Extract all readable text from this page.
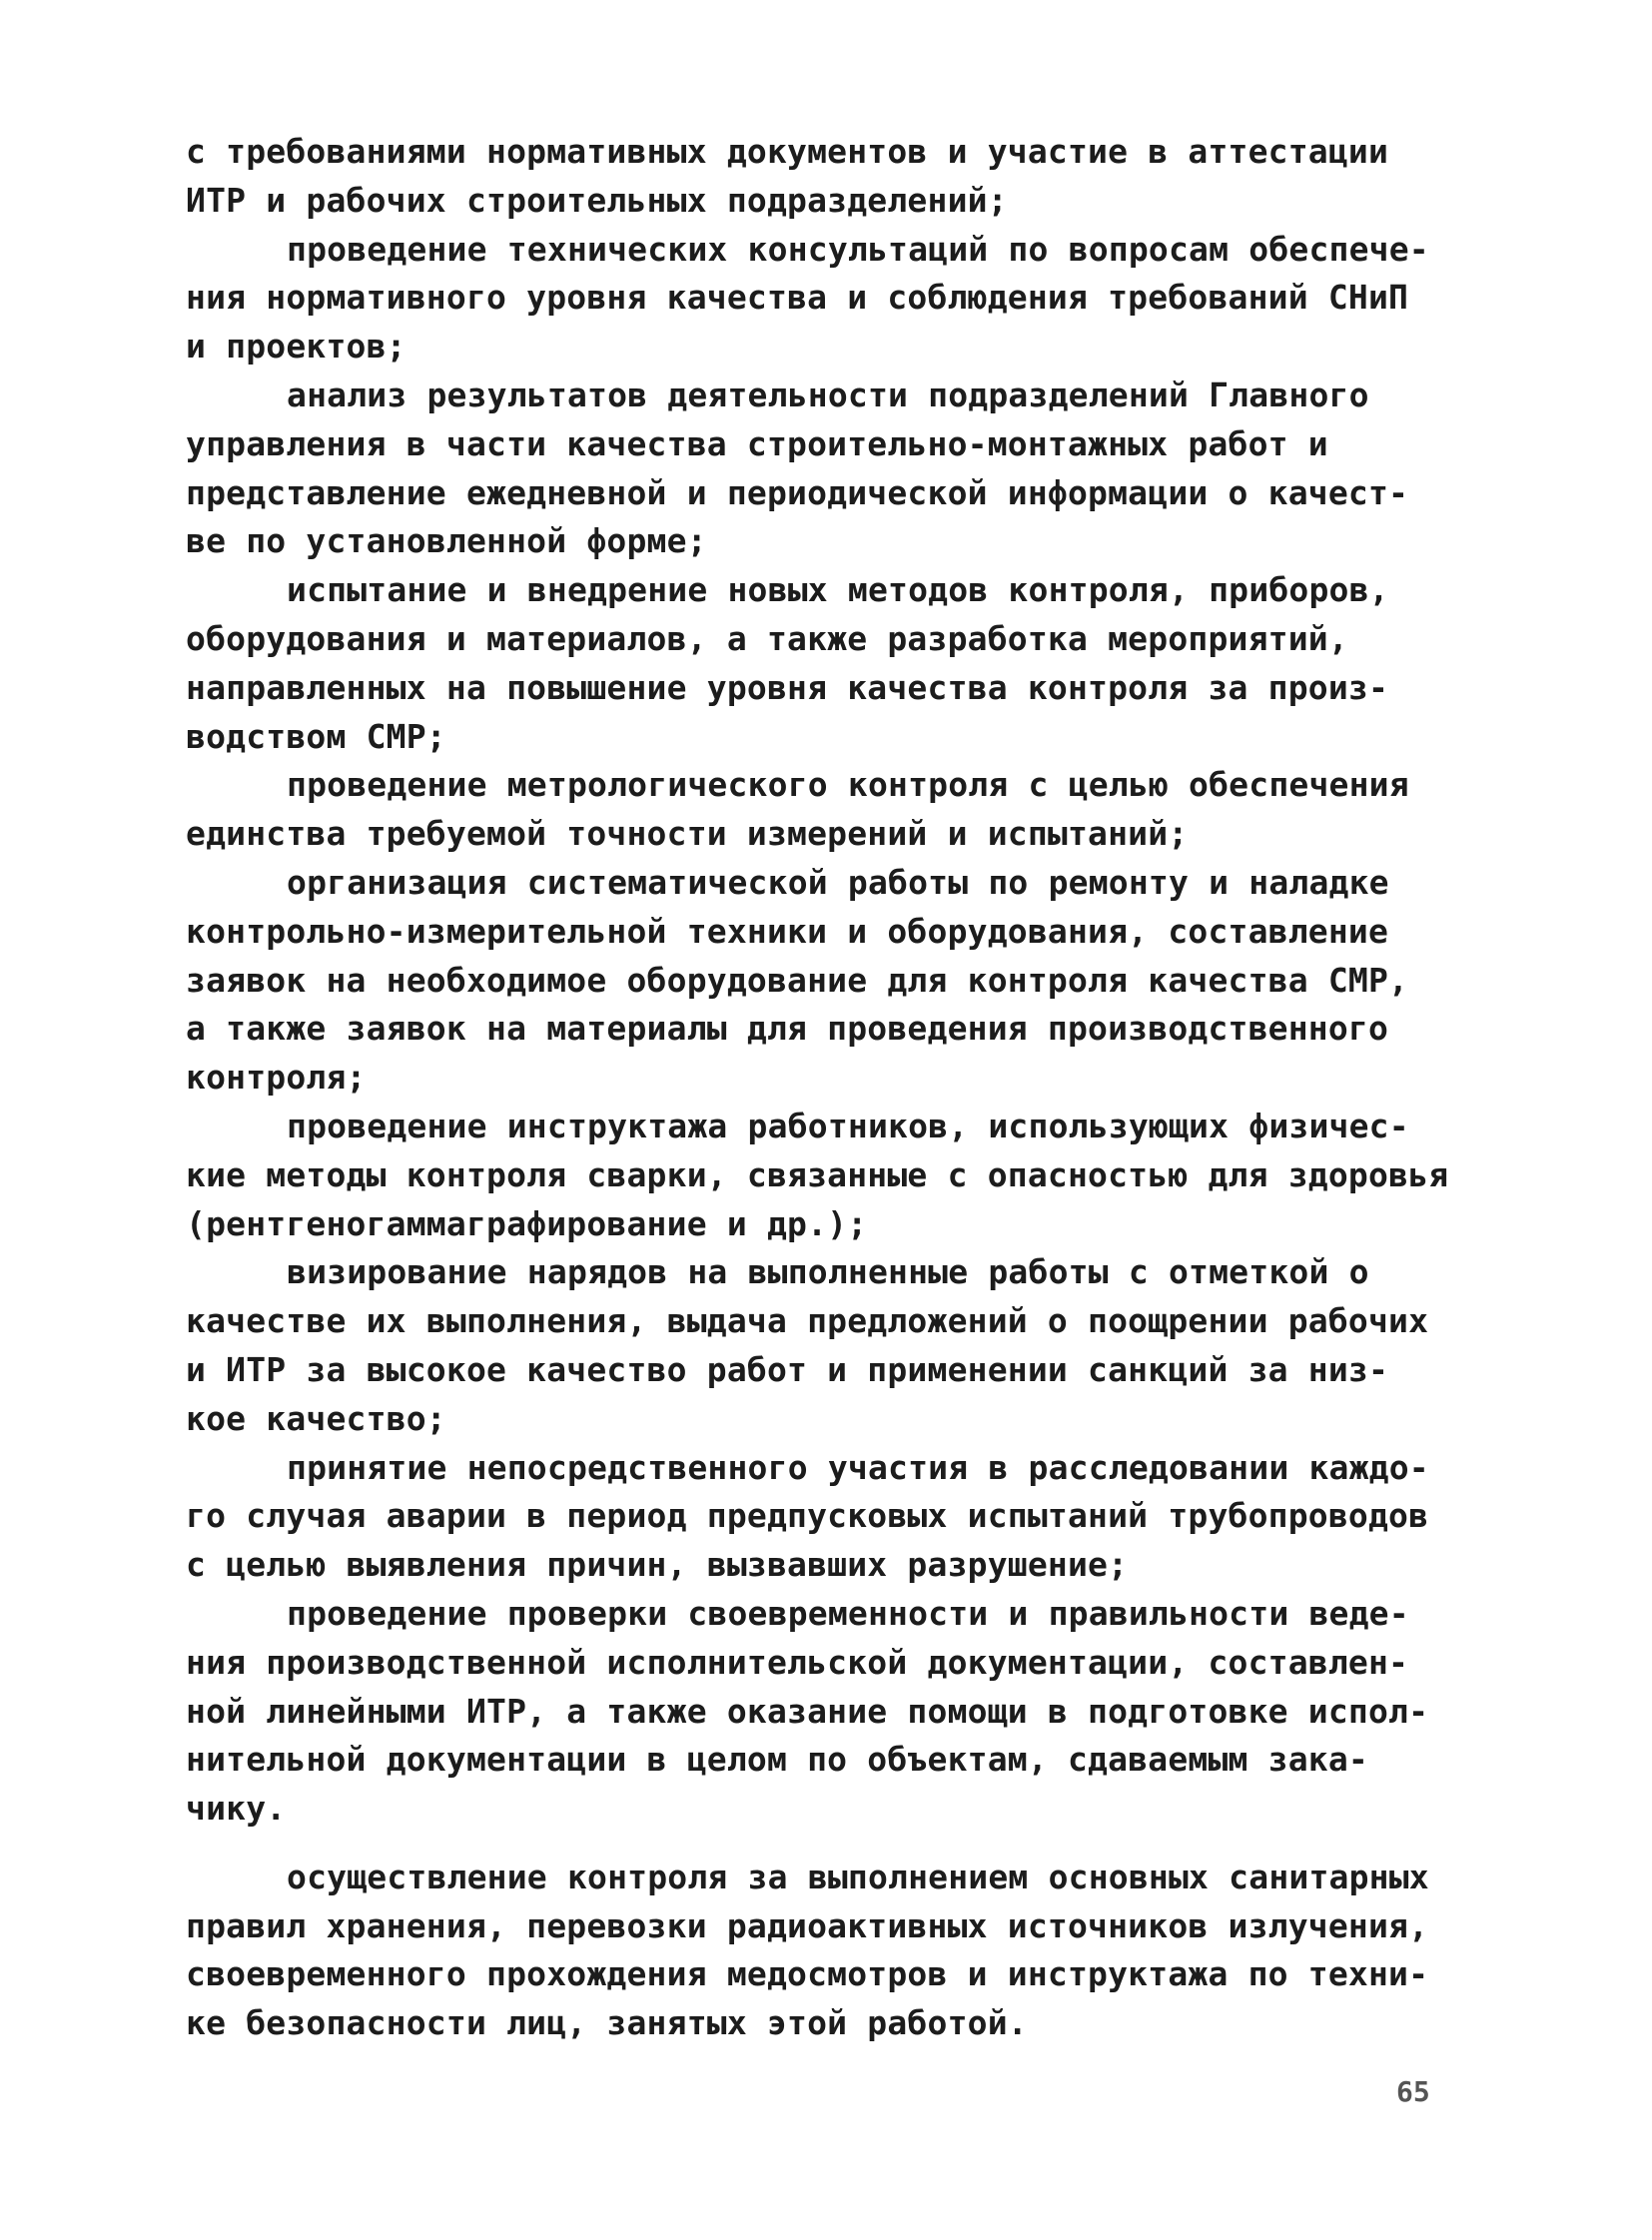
с требованиями нормативных документов и участие в аттестации
ИТР и рабочих строительных подразделений;
проведение технических консультаций по вопросам обеспече-
ния нормативного уровня качества и соблюдения требований СНиП
и проектов;
анализ результатов деятельности подразделений Главного
управления в части качества строительно-монтажных работ и
представление ежедневной и периодической информации о качест-
ве по установленной форме;
испытание и внедрение новых методов контроля, приборов,
оборудования и материалов, а также разработка мероприятий,
направленных на повышение уровня качества контроля за произ-
водством СМР;
проведение метрологического контроля с целью обеспечения
единства требуемой точности измерений и испытаний;
организация систематической работы по ремонту и наладке
контрольно-измерительной техники и оборудования, составление
заявок на необходимое оборудование для контроля качества СМР,
а также заявок на материалы для проведения производственного
контроля;
проведение инструктажа работников, использующих физичес-
кие методы контроля сварки, связанные с опасностью для здоровья
(рентгеногаммаграфирование и др.);
визирование нарядов на выполненные работы с отметкой о
качестве их выполнения, выдача предложений о поощрении рабочих
и ИТР за высокое качество работ и применении санкций за низ-
кое качество;
принятие непосредственного участия в расследовании каждо-
го случая аварии в период предпусковых испытаний трубопроводов
с целью выявления причин, вызвавших разрушение;
проведение проверки своевременности и правильности веде-
ния производственной исполнительской документации, составлен-
ной линейными ИТР, а также оказание помощи в подготовке испол-
нительной документации в целом по объектам, сдаваемым зака-
чику.
осуществление контроля за выполнением основных санитарных
правил хранения, перевозки радиоактивных источников излучения,
своевременного прохождения медосмотров и инструктажа по техни-
ке безопасности лиц, занятых этой работой.
65
